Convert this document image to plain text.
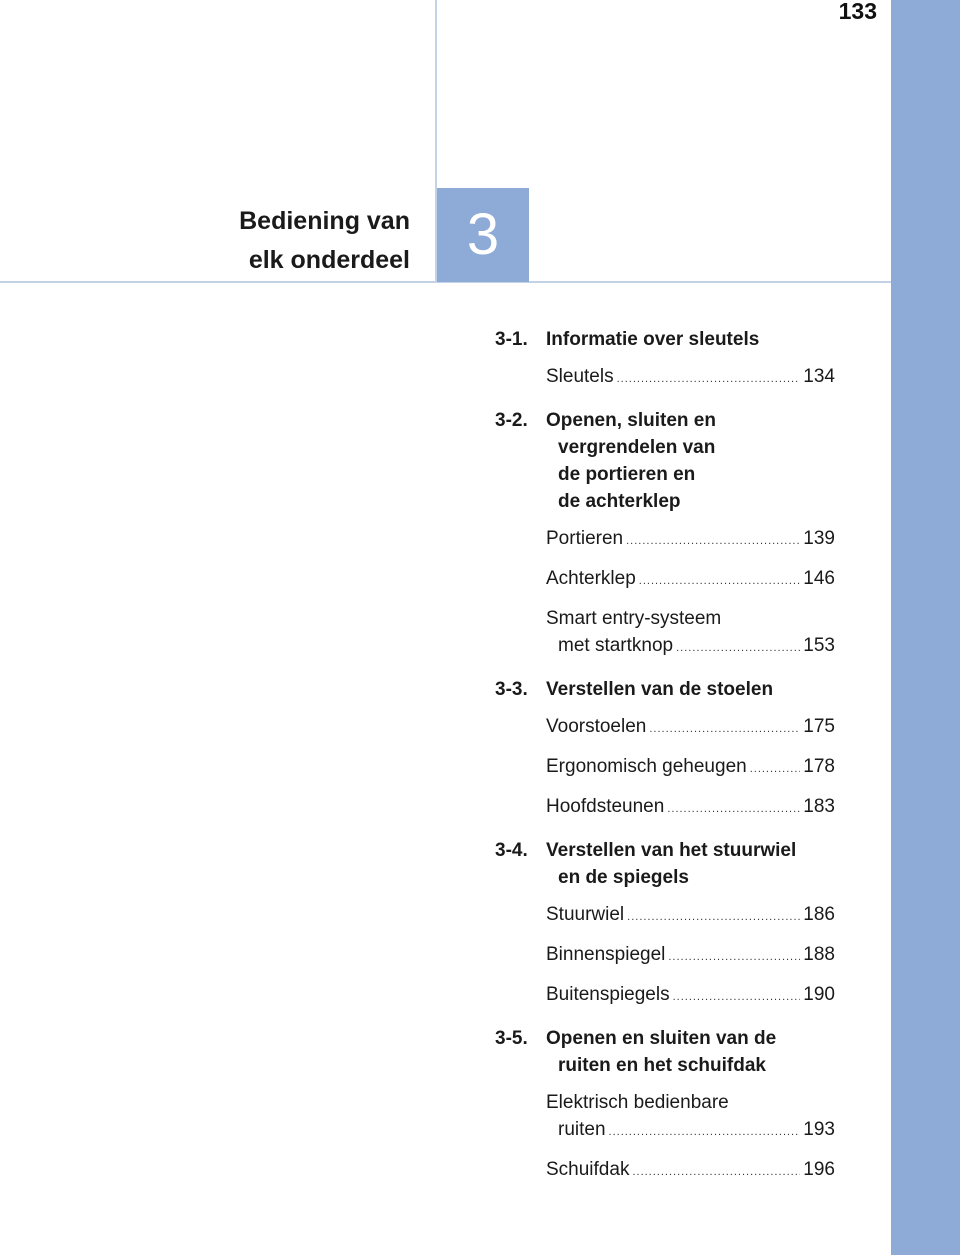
133
Bediening van
elk onderdeel 3
3-1. Informatie over sleutels
Sleutels .....	134
3-2. Openen, sluiten en
vergrendelen van
de portieren en
de achterklep
Portieren .....	139
Achterklep .....	146
Smart entry-systeem
met startknop .....	153
3-3. Verstellen van de stoelen
Voorstoelen .....	175
Ergonomisch geheugen .....	178
Hoofdsteunen .....	183
3-4. Verstellen van het stuurwiel
en de spiegels
Stuurwiel .....	186
Binnenspiegel .....	188
Buitenspiegels .....	190
3-5. Openen en sluiten van de
ruiten en het schuifdak
Elektrisch bedienbare
ruiten .....	193
Schuifdak .....	196
